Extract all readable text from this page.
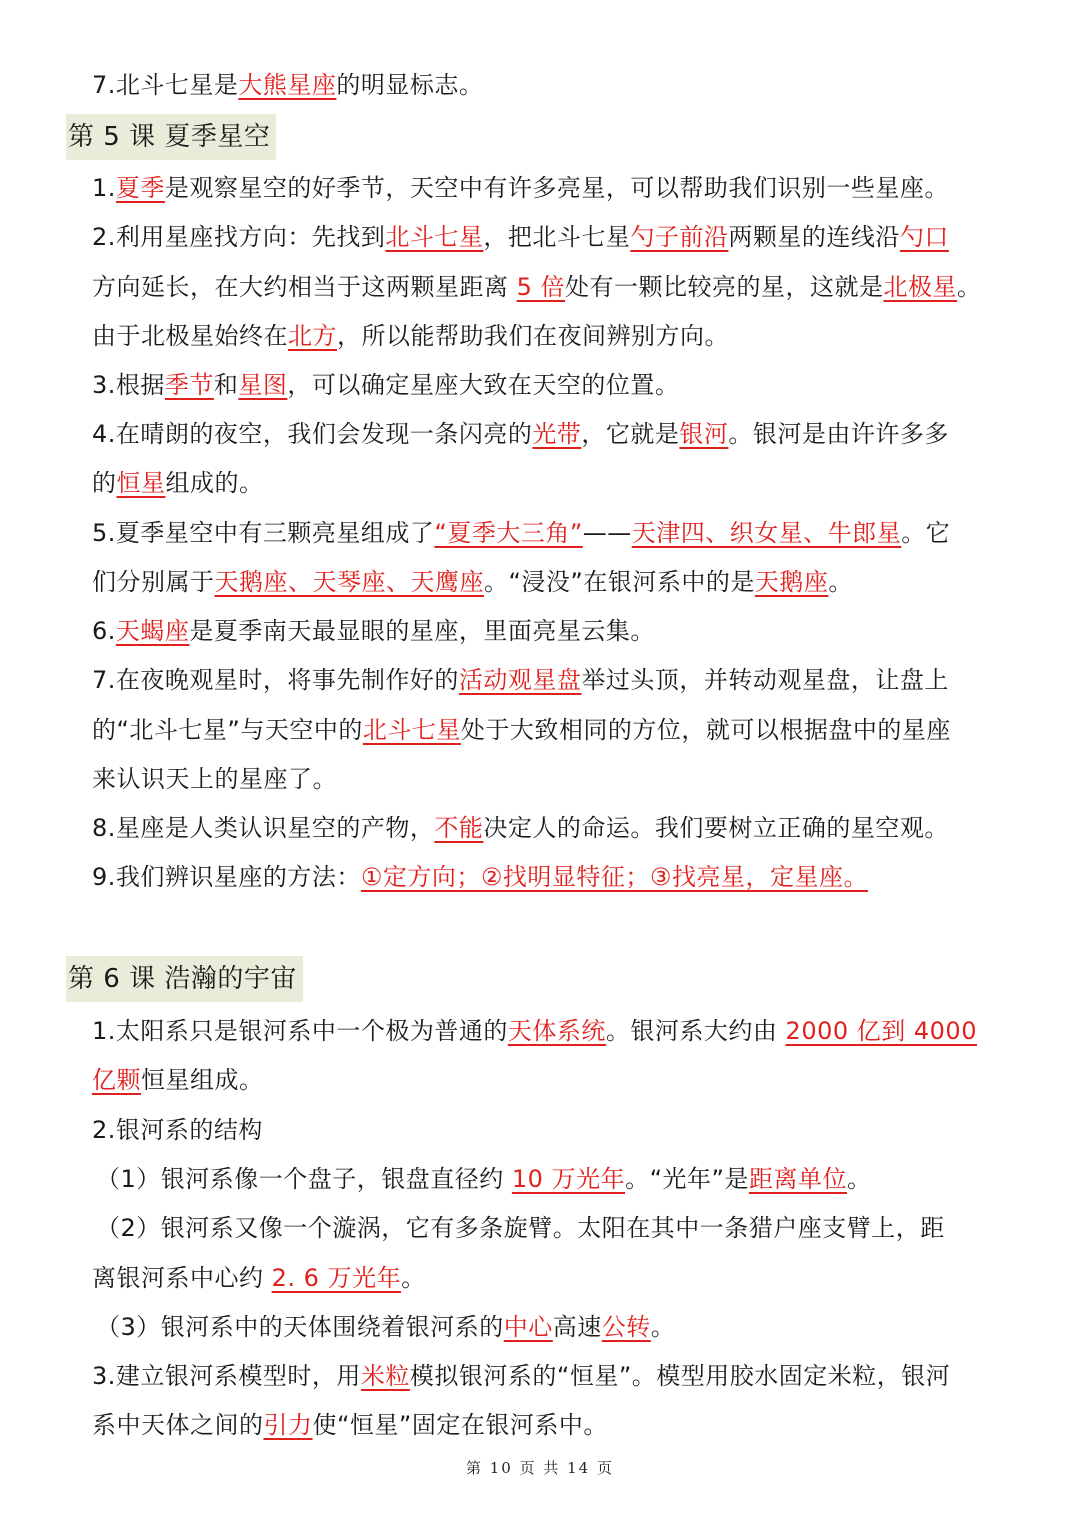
7.北斗七星是大熊星座的明显标志。
第 5 课 夏季星空
1.夏季是观察星空的好季节，天空中有许多亮星，可以帮助我们识别一些星座。
2.利用星座找方向：先找到北斗七星，把北斗七星勺子前沿两颗星的连线沿勺口
方向延长，在大约相当于这两颗星距离 5 倍处有一颗比较亮的星，这就是北极星。
由于北极星始终在北方，所以能帮助我们在夜间辨别方向。
3.根据季节和星图，可以确定星座大致在天空的位置。
4.在晴朗的夜空，我们会发现一条闪亮的光带，它就是银河。银河是由许许多多
的恒星组成的。
5.夏季星空中有三颗亮星组成了“夏季大三角”——天津四、织女星、牛郎星。它
们分别属于天鹅座、天琴座、天鹰座。“浸没”在银河系中的是天鹅座。
6.天蝎座是夏季南天最显眼的星座，里面亮星云集。
7.在夜晚观星时，将事先制作好的活动观星盘举过头顶，并转动观星盘，让盘上
的“北斗七星”与天空中的北斗七星处于大致相同的方位，就可以根据盘中的星座
来认识天上的星座了。
8.星座是人类认识星空的产物，不能决定人的命运。我们要树立正确的星空观。
9.我们辨识星座的方法：①定方向；②找明显特征；③找亮星，定星座。
第 6 课 浩瀚的宇宙
1.太阳系只是银河系中一个极为普通的天体系统。银河系大约由 2000 亿到 4000
亿颗恒星组成。
2.银河系的结构
（1）银河系像一个盘子，银盘直径约 10 万光年。“光年”是距离单位。
（2）银河系又像一个漩涡，它有多条旋臂。太阳在其中一条猎户座支臂上，距
离银河系中心约 2. 6 万光年。
（3）银河系中的天体围绕着银河系的中心高速公转。
3.建立银河系模型时，用米粒模拟银河系的“恒星”。模型用胶水固定米粒，银河
系中天体之间的引力使“恒星”固定在银河系中。
第 10 页 共 14 页
